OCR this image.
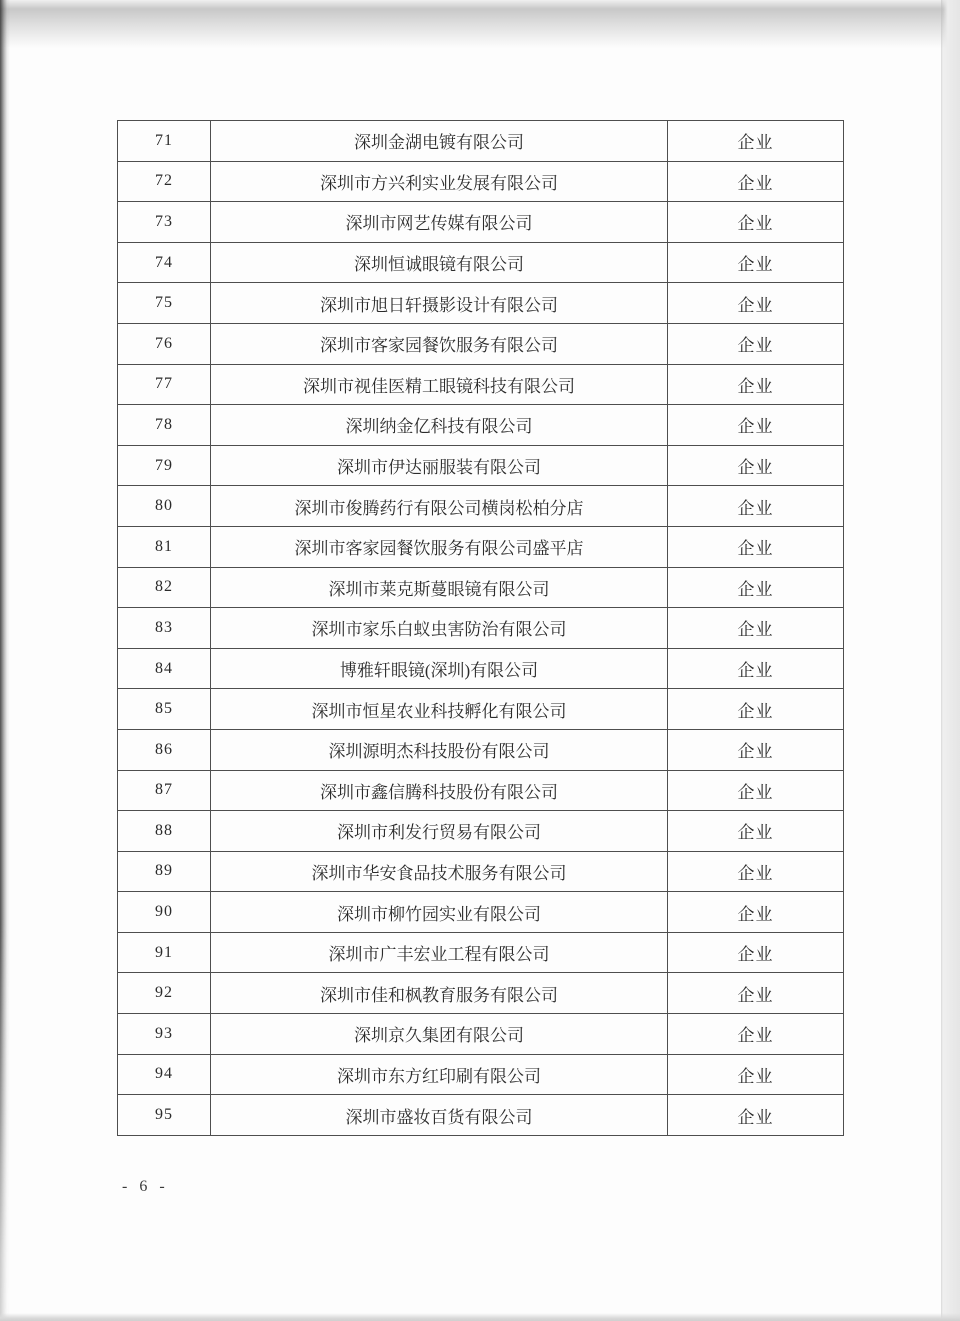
71	深圳金湖电镀有限公司	企业
72	深圳市方兴利实业发展有限公司	企业
73	深圳市网艺传媒有限公司	企业
74	深圳恒诚眼镜有限公司	企业
75	深圳市旭日轩摄影设计有限公司	企业
76	深圳市客家园餐饮服务有限公司	企业
77	深圳市视佳医精工眼镜科技有限公司	企业
78	深圳纳金亿科技有限公司	企业
79	深圳市伊达丽服装有限公司	企业
80	深圳市俊腾药行有限公司横岗松柏分店	企业
81	深圳市客家园餐饮服务有限公司盛平店	企业
82	深圳市莱克斯蔓眼镜有限公司	企业
83	深圳市家乐白蚁虫害防治有限公司	企业
84	博雅轩眼镜(深圳)有限公司	企业
85	深圳市恒星农业科技孵化有限公司	企业
86	深圳源明杰科技股份有限公司	企业
87	深圳市鑫信腾科技股份有限公司	企业
88	深圳市利发行贸易有限公司	企业
89	深圳市华安食品技术服务有限公司	企业
90	深圳市柳竹园实业有限公司	企业
91	深圳市广丰宏业工程有限公司	企业
92	深圳市佳和枫教育服务有限公司	企业
93	深圳京久集团有限公司	企业
94	深圳市东方红印刷有限公司	企业
95	深圳市盛妆百货有限公司	企业
- 6 -
